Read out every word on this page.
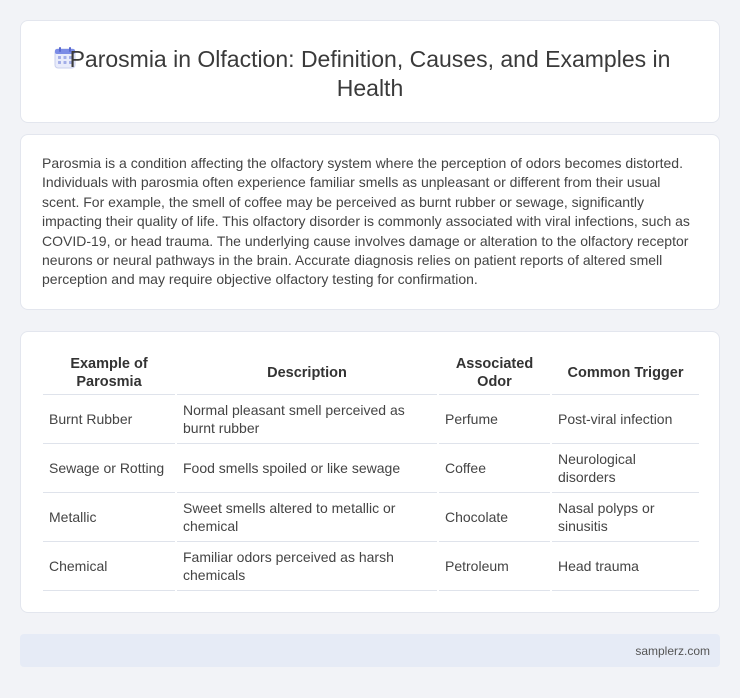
Parosmia in Olfaction: Definition, Causes, and Examples in Health

Parosmia is a condition affecting the olfactory system where the perception of odors becomes distorted. Individuals with parosmia often experience familiar smells as unpleasant or different from their usual scent. For example, the smell of coffee may be perceived as burnt rubber or sewage, significantly impacting their quality of life. This olfactory disorder is commonly associated with viral infections, such as COVID-19, or head trauma. The underlying cause involves damage or alteration to the olfactory receptor neurons or neural pathways in the brain. Accurate diagnosis relies on patient reports of altered smell perception and may require objective olfactory testing for confirmation.

Example of Parosmia	Description	Associated Odor	Common Trigger
Burnt Rubber	Normal pleasant smell perceived as burnt rubber	Perfume	Post-viral infection
Sewage or Rotting	Food smells spoiled or like sewage	Coffee	Neurological disorders
Metallic	Sweet smells altered to metallic or chemical	Chocolate	Nasal polyps or sinusitis
Chemical	Familiar odors perceived as harsh chemicals	Petroleum	Head trauma
samplerz.com
